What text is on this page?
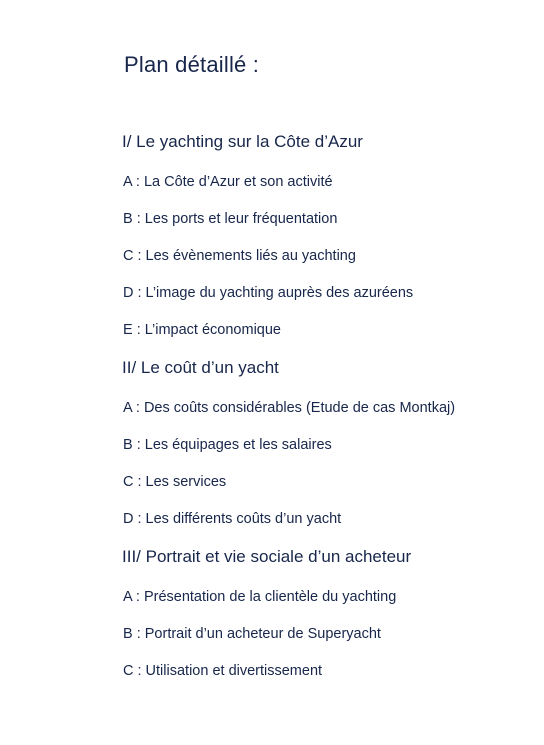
Plan détaillé :
I/ Le yachting sur la Côte d’Azur
A : La Côte d’Azur et son activité
B : Les ports et leur fréquentation
C : Les évènements liés au yachting
D : L’image du yachting auprès des azuréens
E : L’impact économique
II/ Le coût d’un yacht
A : Des coûts considérables (Etude de cas Montkaj)
B : Les équipages et les salaires
C : Les services
D : Les différents coûts d’un yacht
III/ Portrait et vie sociale d’un acheteur
A : Présentation de la clientèle du yachting
B : Portrait d’un acheteur de Superyacht
C : Utilisation et divertissement
